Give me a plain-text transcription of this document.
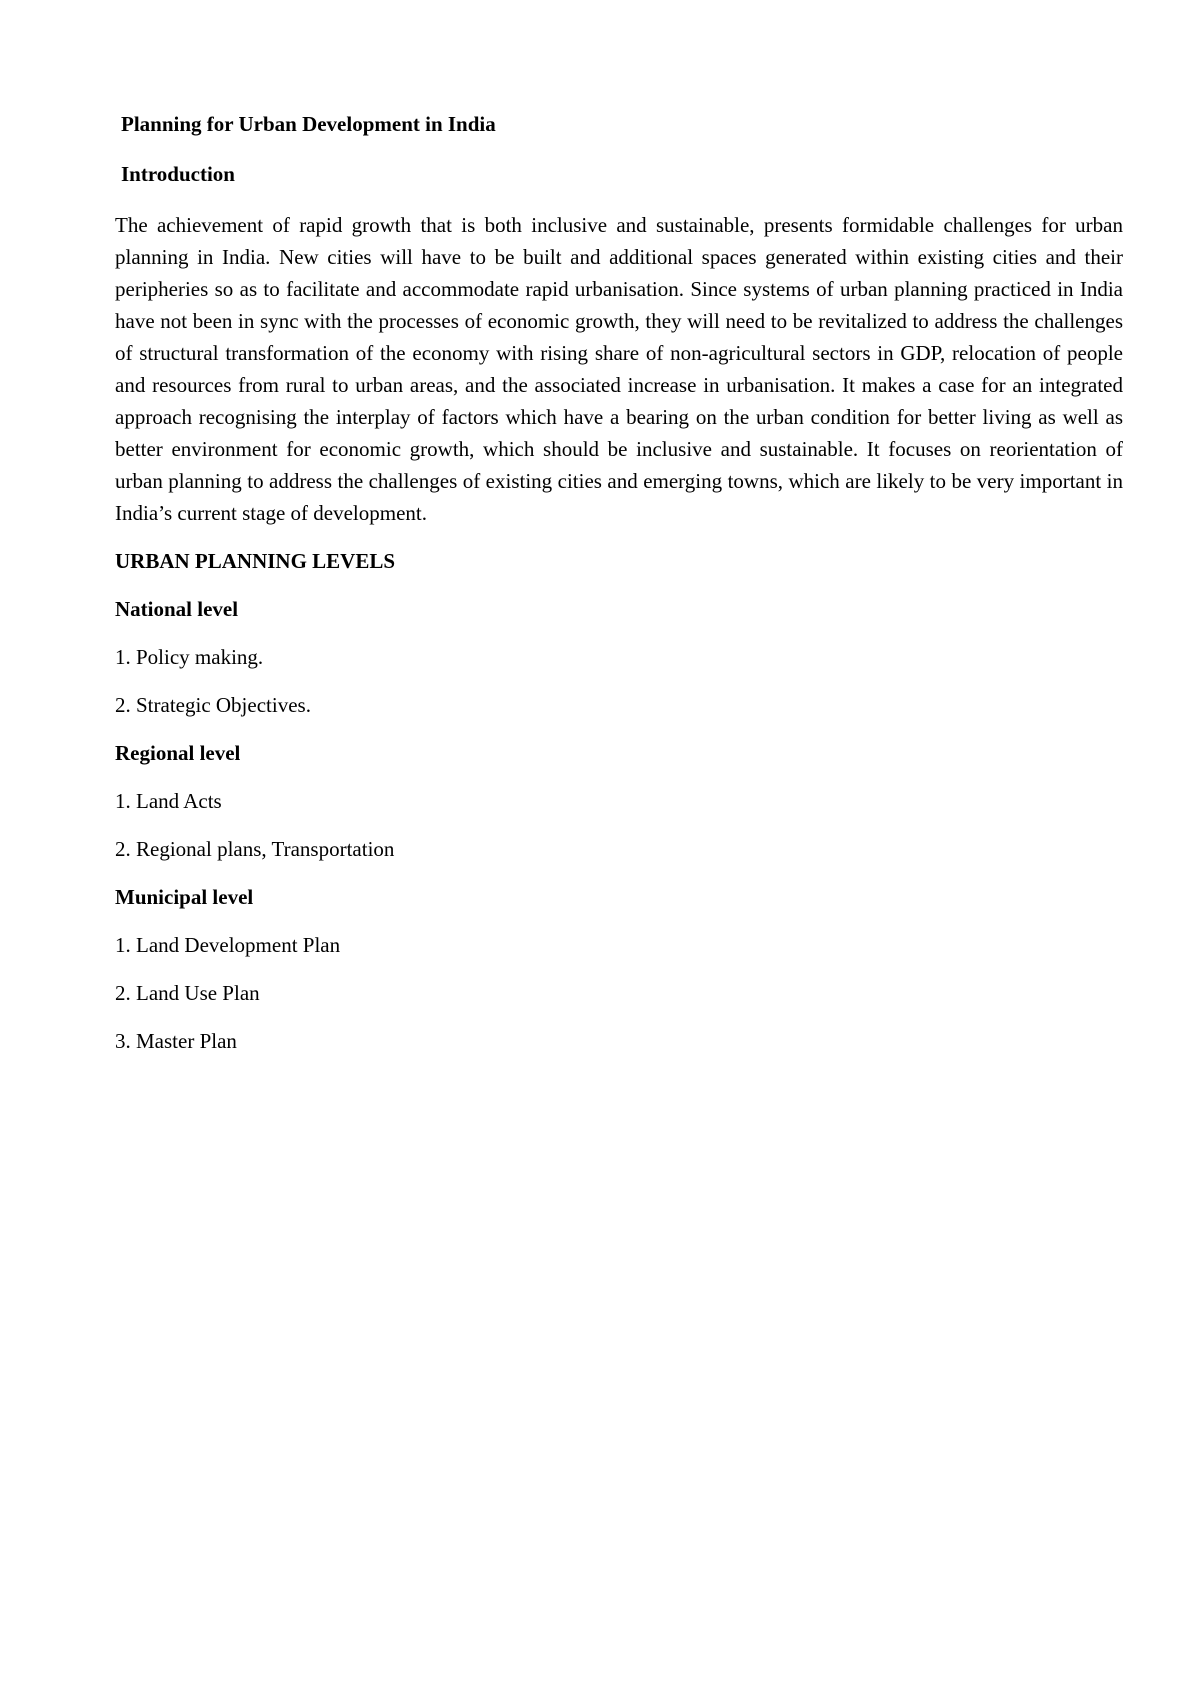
Planning for Urban Development in India
Introduction

The achievement of rapid growth that is both inclusive and sustainable, presents formidable challenges for urban planning in India. New cities will have to be built and additional spaces generated within existing cities and their peripheries so as to facilitate and accommodate rapid urbanisation. Since systems of urban planning practiced in India have not been in sync with the processes of economic growth, they will need to be revitalized to address the challenges of structural transformation of the economy with rising share of non-agricultural sectors in GDP, relocation of people and resources from rural to urban areas, and the associated increase in urbanisation. It makes a case for an integrated approach recognising the interplay of factors which have a bearing on the urban condition for better living as well as better environment for economic growth, which should be inclusive and sustainable. It focuses on reorientation of urban planning to address the challenges of existing cities and emerging towns, which are likely to be very important in India’s current stage of development.

URBAN PLANNING LEVELS
National level
1. Policy making.
2. Strategic Objectives.
Regional level
1. Land Acts
2. Regional plans, Transportation
Municipal level
1. Land Development Plan
2. Land Use Plan
3. Master Plan
